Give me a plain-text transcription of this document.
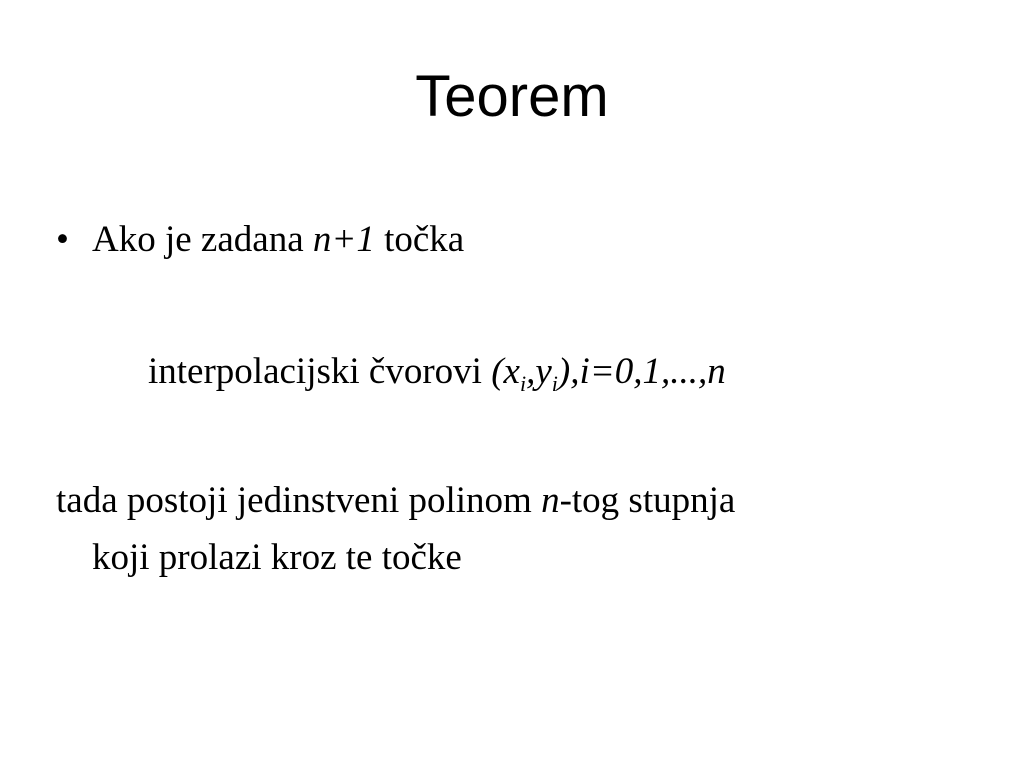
Teorem
• Ako je zadana n+1 točka
interpolacijski čvorovi $(x_i,y_i),i=0,1,...,n$
tada postoji jedinstveni polinom n-tog stupnja
koji prolazi kroz te točke
